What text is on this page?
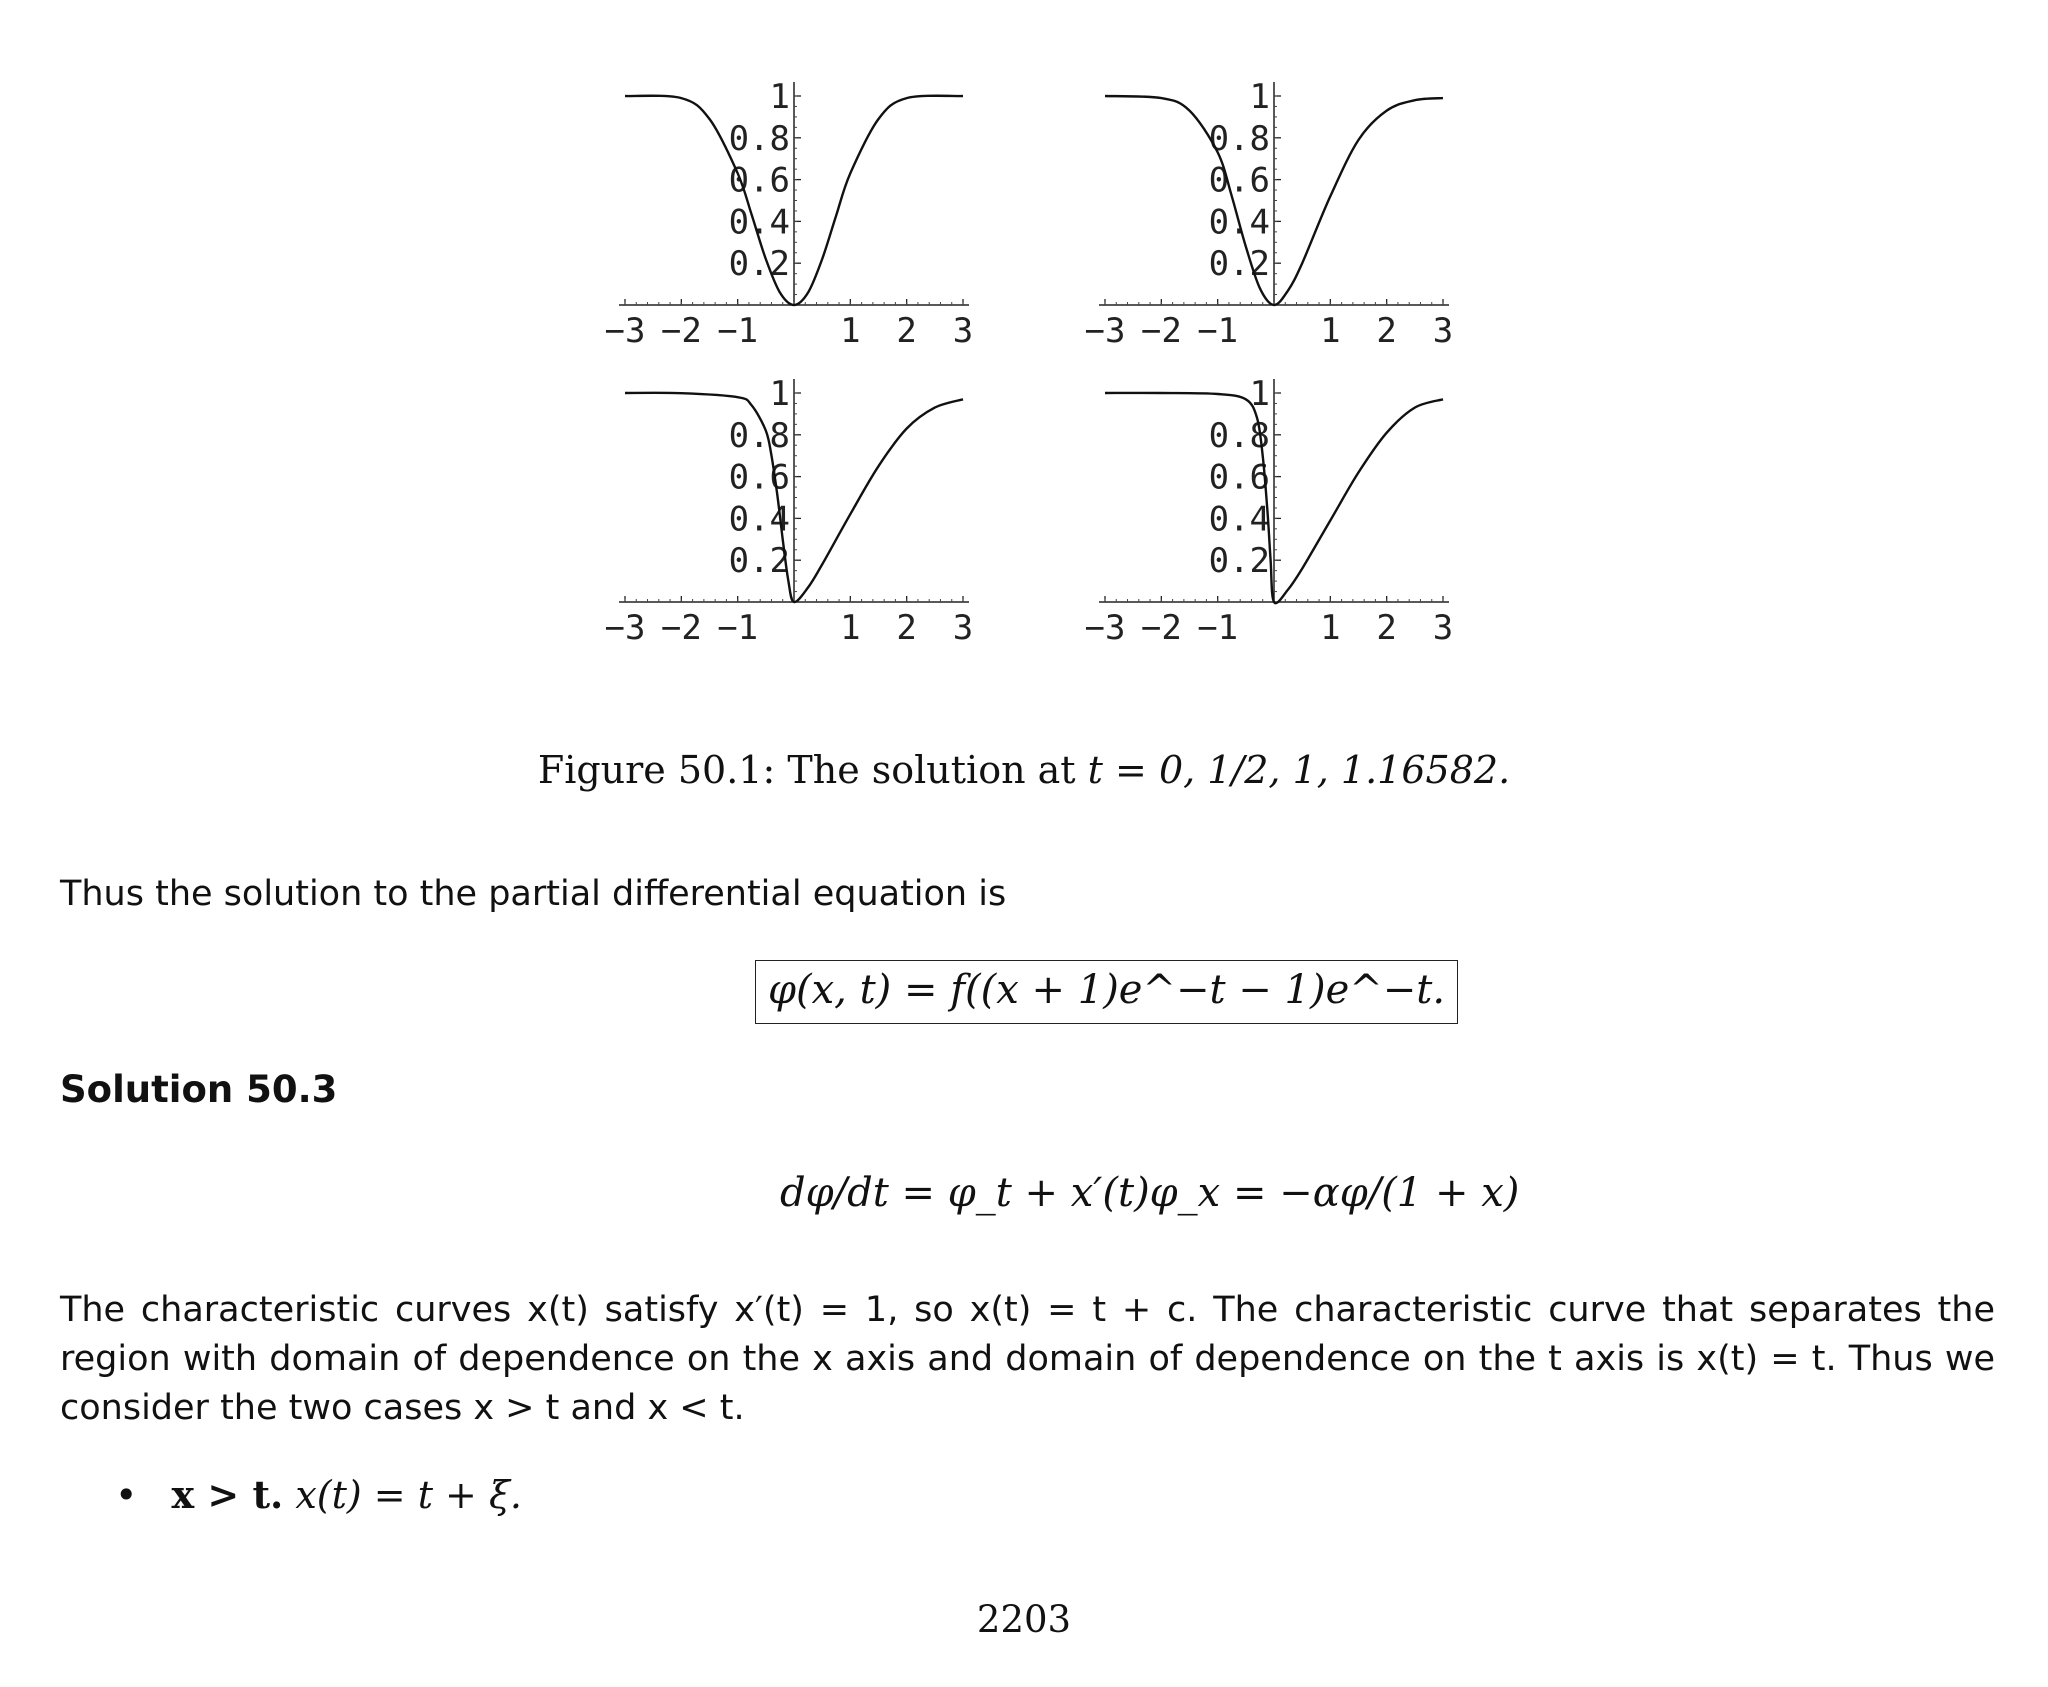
−3 −2 −1 1 2 3
1
0.8
0.6
0.4
0.2
−3 −2 −1 1 2 3
1
0.8
0.6
0.4
0.2
−3 −2 −1 1 2 3
1
0.8
0.6
0.4
0.2
−3 −2 −1 1 2 3
1
0.8
0.6
0.4
0.2
Figure 50.1: The solution at t = 0, 1/2, 1, 1.16582.
Thus the solution to the partial differential equation is
φ(x, t) = f((x + 1)e^−t − 1)e^−t.
Solution 50.3
dφ/dt = φ_t + x′(t)φ_x = −αφ/(1 + x)
The characteristic curves x(t) satisfy x′(t) = 1, so x(t) = t + c. The characteristic curve that separates the region with domain of dependence on the x axis and domain of dependence on the t axis is x(t) = t. Thus we consider the two cases x > t and x < t.
• x > t. x(t) = t + ξ.
2203
